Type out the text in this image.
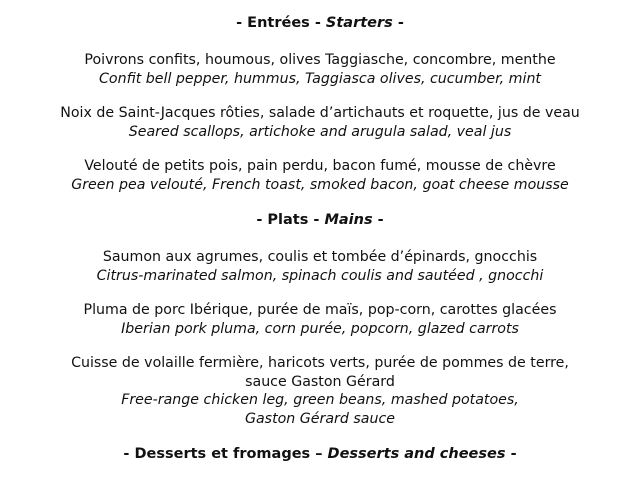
- Entrées - Starters -
Poivrons confits, houmous, olives Taggiasche, concombre, menthe
Confit bell pepper, hummus, Taggiasca olives, cucumber, mint
Noix de Saint-Jacques rôties, salade d’artichauts et roquette, jus de veau
Seared scallops, artichoke and arugula salad, veal jus
Velouté de petits pois, pain perdu, bacon fumé, mousse de chèvre
Green pea velouté, French toast, smoked bacon, goat cheese mousse
- Plats - Mains -
Saumon aux agrumes, coulis et tombée d’épinards, gnocchis
Citrus-marinated salmon, spinach coulis and sautéed , gnocchi
Pluma de porc Ibérique, purée de maïs, pop-corn, carottes glacées
Iberian pork pluma, corn purée, popcorn, glazed carrots
Cuisse de volaille fermière, haricots verts, purée de pommes de terre,
sauce Gaston Gérard
Free-range chicken leg, green beans, mashed potatoes,
Gaston Gérard sauce
- Desserts et fromages – Desserts and cheeses -
